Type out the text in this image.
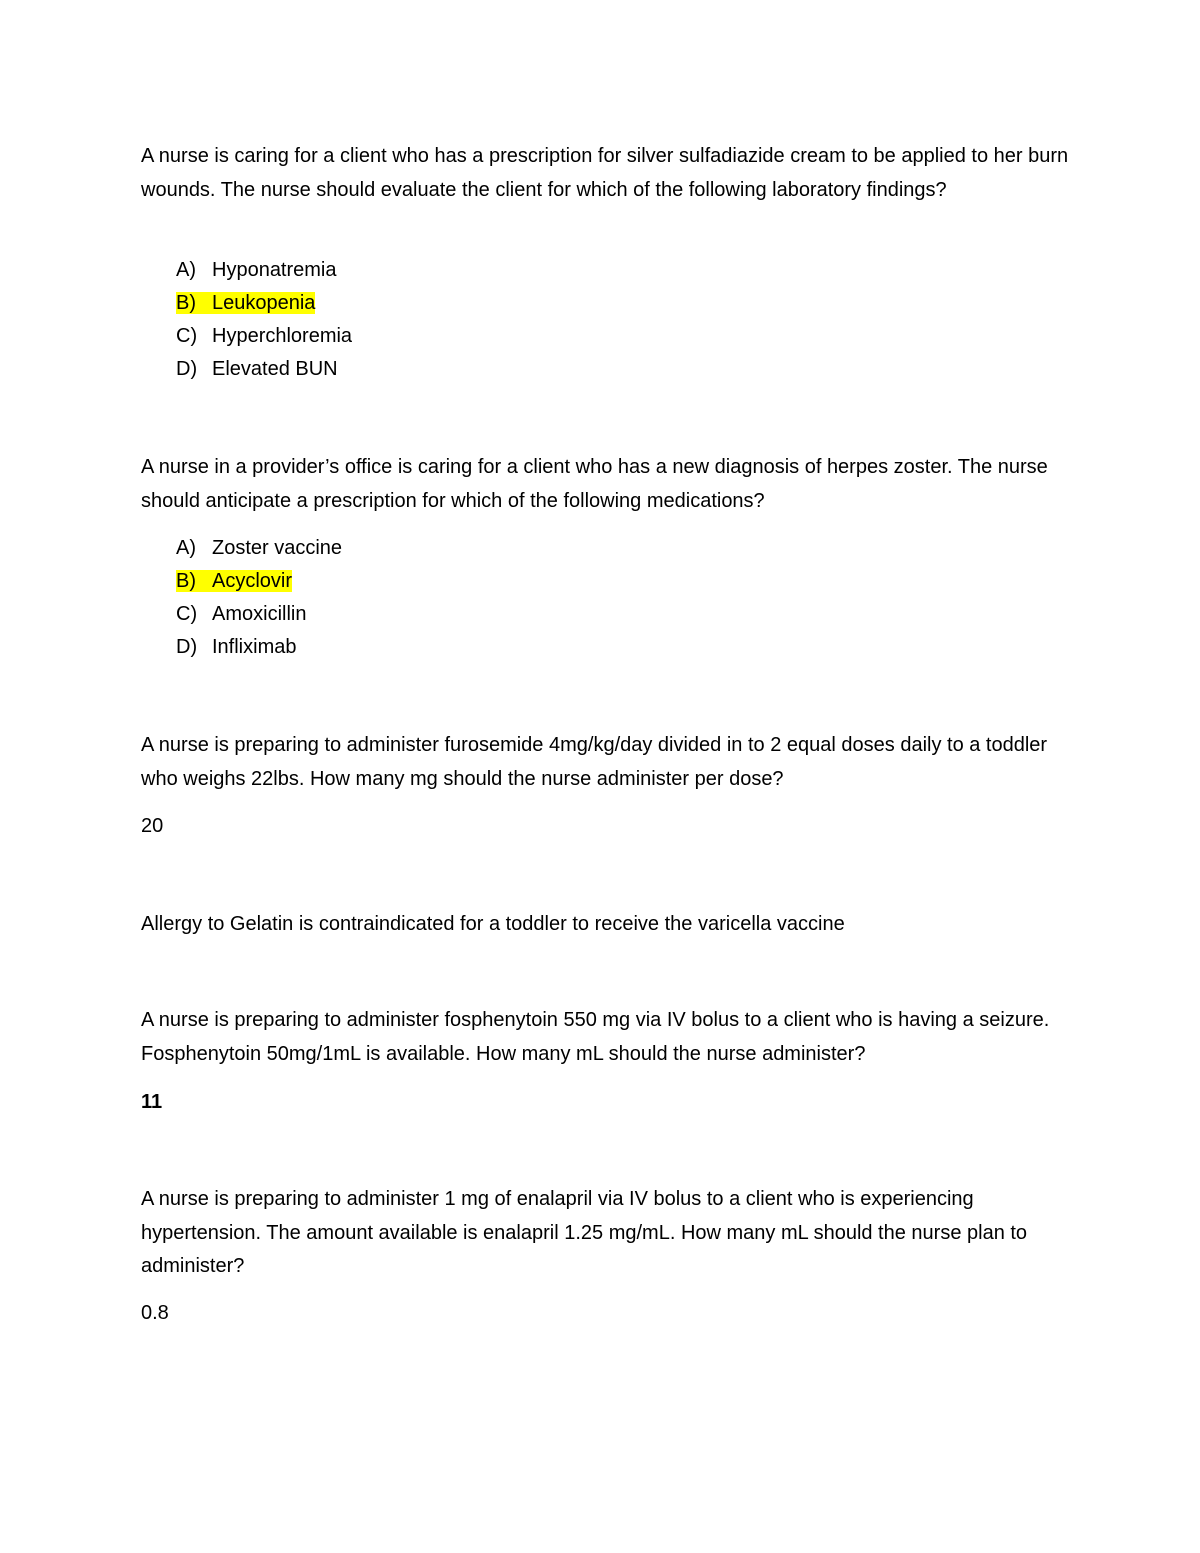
A nurse is caring for a client who has a prescription for silver sulfadiazide cream to be applied to her burn wounds. The nurse should evaluate the client for which of the following laboratory findings?

A) Hyponatremia
B) Leukopenia
C) Hyperchloremia
D) Elevated BUN

A nurse in a provider’s office is caring for a client who has a new diagnosis of herpes zoster. The nurse should anticipate a prescription for which of the following medications?

A) Zoster vaccine
B) Acyclovir
C) Amoxicillin
D) Infliximab

A nurse is preparing to administer furosemide 4mg/kg/day divided in to 2 equal doses daily to a toddler who weighs 22lbs. How many mg should the nurse administer per dose?

20

Allergy to Gelatin is contraindicated for a toddler to receive the varicella vaccine

A nurse is preparing to administer fosphenytoin 550 mg via IV bolus to a client who is having a seizure. Fosphenytoin 50mg/1mL is available. How many mL should the nurse administer?

11

A nurse is preparing to administer 1 mg of enalapril via IV bolus to a client who is experiencing hypertension. The amount available is enalapril 1.25 mg/mL. How many mL should the nurse plan to administer?

0.8
